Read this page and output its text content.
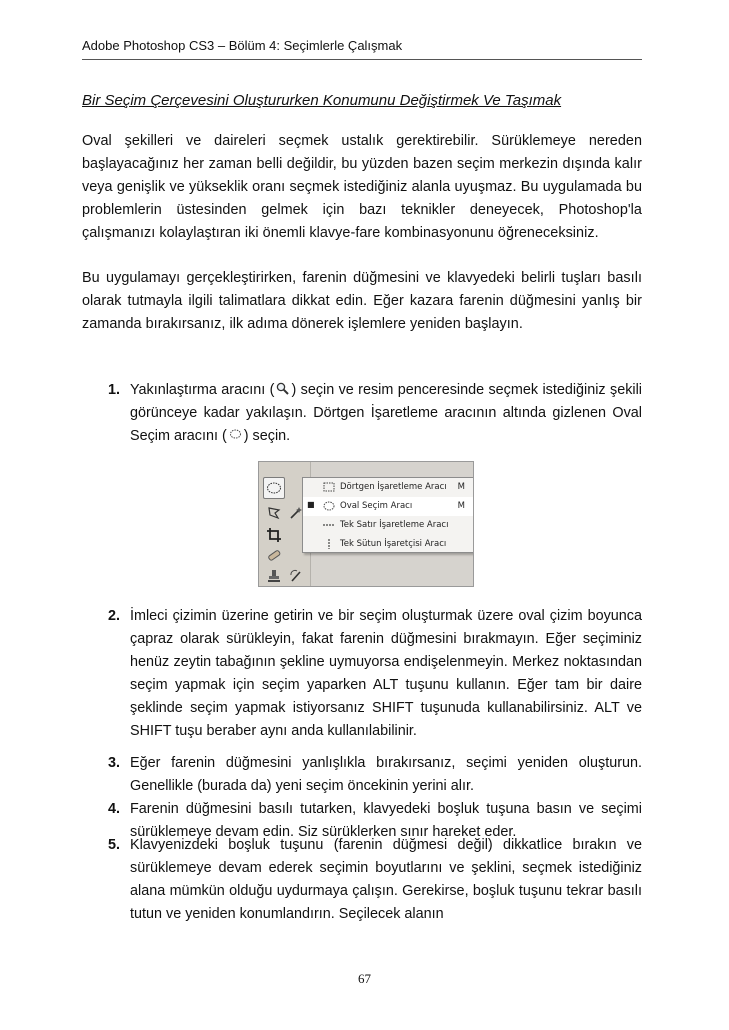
Adobe Photoshop CS3 – Bölüm 4: Seçimlerle Çalışmak
Bir Seçim Çerçevesini Oluştururken Konumunu Değiştirmek Ve Taşımak

Oval şekilleri ve daireleri seçmek ustalık gerektirebilir. Sürüklemeye nereden başlayacağınız her zaman belli değildir, bu yüzden bazen seçim merkezin dışında kalır veya genişlik ve yükseklik oranı seçmek istediğiniz alanla uyuşmaz. Bu uygulamada bu problemlerin üstesinden gelmek için bazı teknikler deneyecek, Photoshop'la çalışmanızı kolaylaştıran iki önemli klavye-fare kombinasyonunu öğreneceksiniz.

Bu uygulamayı gerçekleştirirken, farenin düğmesini ve klavyedeki belirli tuşları basılı olarak tutmayla ilgili talimatlara dikkat edin. Eğer kazara farenin düğmesini yanlış bir zamanda bırakırsanız, ilk adıma dönerek işlemlere yeniden başlayın.

1. Yakınlaştırma aracını ( ) seçin ve resim penceresinde seçmek istediğiniz şekili görünceye kadar yakılaşın. Dörtgen İşaretleme aracının altında gizlenen Oval Seçim aracını ( ) seçin.
Dörtgen İşaretleme Aracı M
■	Oval Seçim Aracı	M
Tek Satır İşaretleme Aracı
Tek Sütun İşaretçisi Aracı
2. İmleci çizimin üzerine getirin ve bir seçim oluşturmak üzere oval çizim boyunca çapraz olarak sürükleyin, fakat farenin düğmesini bırakmayın. Eğer seçiminiz henüz zeytin tabağının şekline uymuyorsa endişelenmeyin. Merkez noktasından seçim yapmak için seçim yaparken ALT tuşunu kullanın. Eğer tam bir daire şeklinde seçim yapmak istiyorsanız SHIFT tuşunuda kullanabilirsiniz. ALT ve SHIFT tuşu beraber aynı anda kullanılabilinir.
3. Eğer farenin düğmesini yanlışlıkla bırakırsanız, seçimi yeniden oluşturun. Genellikle (burada da) yeni seçim öncekinin yerini alır.
4. Farenin düğmesini basılı tutarken, klavyedeki boşluk tuşuna basın ve seçimi sürüklemeye devam edin. Siz sürüklerken sınır hareket eder.
5. Klavyenizdeki boşluk tuşunu (farenin düğmesi değil) dikkatlice bırakın ve sürüklemeye devam ederek seçimin boyutlarını ve şeklini, seçmek istediğiniz alana mümkün olduğu uydurmaya çalışın. Gerekirse, boşluk tuşunu tekrar basılı tutun ve yeniden konumlandırın. Seçilecek alanın
67
